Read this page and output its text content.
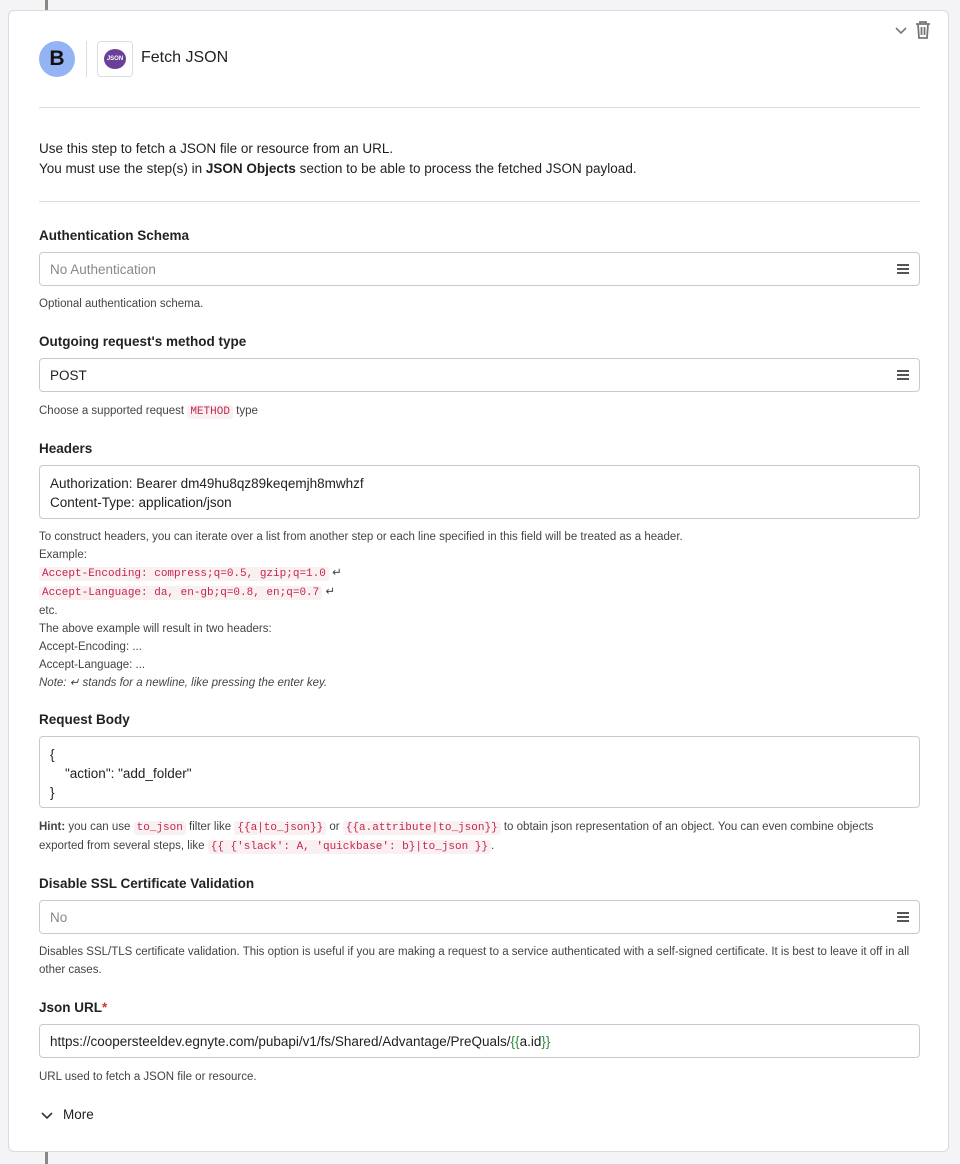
B	JSON Fetch JSON
Use this step to fetch a JSON file or resource from an URL.
You must use the step(s) in JSON Objects section to be able to process the fetched JSON payload.
Authentication Schema
No Authentication
Optional authentication schema.
Outgoing request's method type
POST
Choose a supported request METHOD type
Headers
Authorization: Bearer dm49hu8qz89keqemjh8mwhzf
Content-Type: application/json
To construct headers, you can iterate over a list from another step or each line specified in this field will be treated as a header.
Example:
Accept-Encoding: compress;q=0.5, gzip;q=1.0 ↵
Accept-Language: da, en-gb;q=0.8, en;q=0.7 ↵
etc.
The above example will result in two headers:
Accept-Encoding: ...
Accept-Language: ...
Note: ↵ stands for a newline, like pressing the enter key.
Request Body
{
"action": "add_folder"
}
Hint: you can use to_json filter like {{a|to_json}} or {{a.attribute|to_json}} to obtain json representation of an object. You can even combine objects exported from several steps, like {{ {'slack': A, 'quickbase': b}|to_json }} .
Disable SSL Certificate Validation
No
Disables SSL/TLS certificate validation. This option is useful if you are making a request to a service authenticated with a self-signed certificate. It is best to leave it off in all other cases.
Json URL*
https://coopersteeldev.egnyte.com/pubapi/v1/fs/Shared/Advantage/PreQuals/ {{ a.id }}
URL used to fetch a JSON file or resource.
More
